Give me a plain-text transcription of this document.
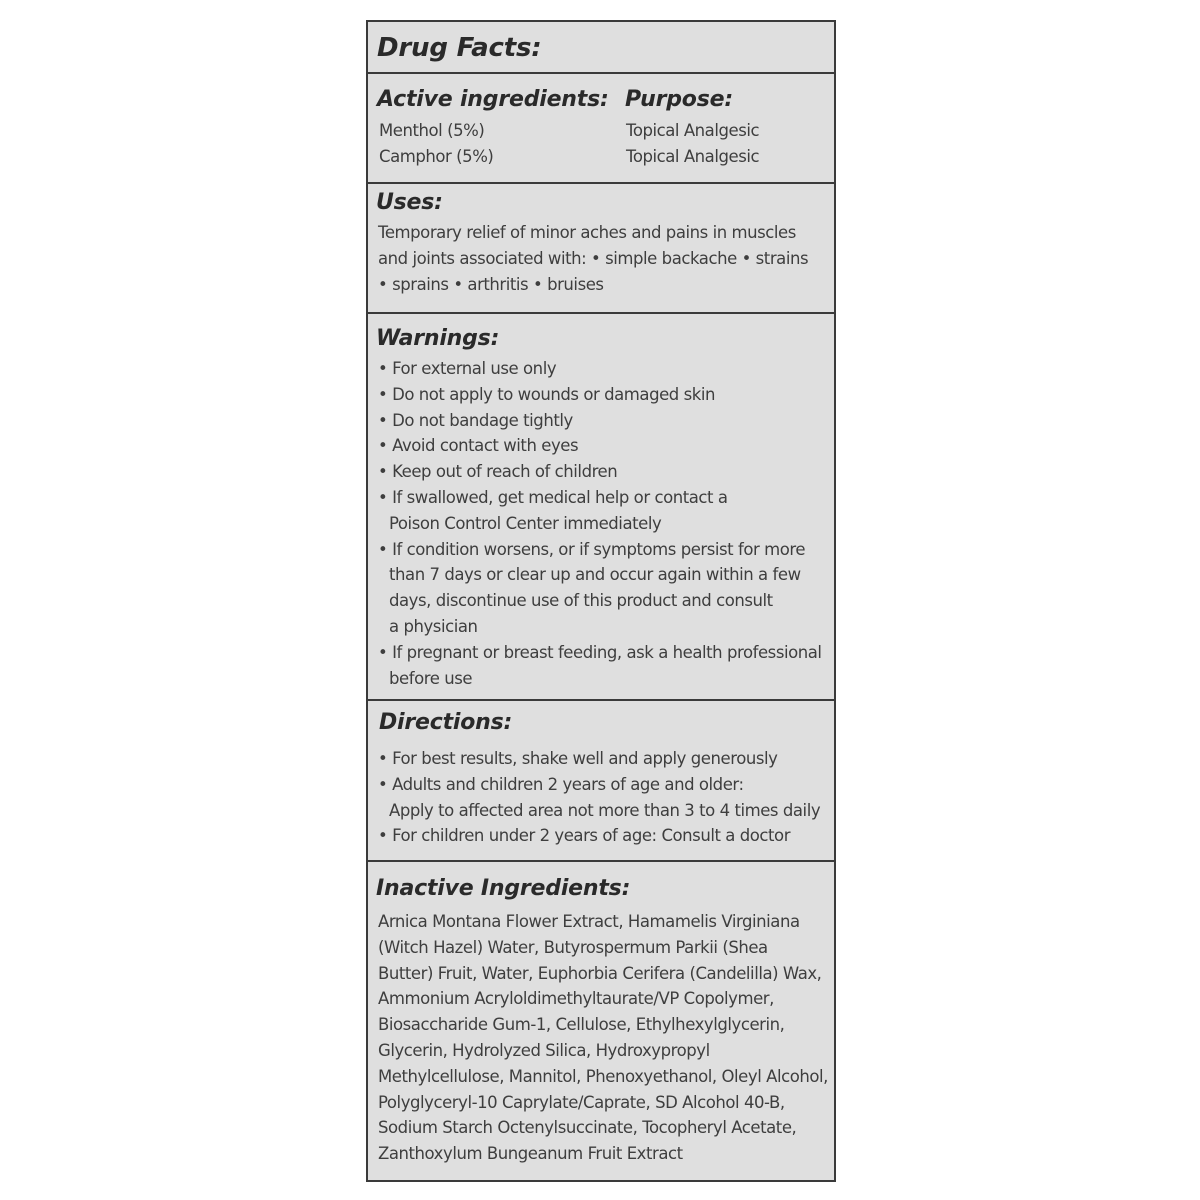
Drug Facts:
Active ingredients: Purpose:
Menthol (5%)
Camphor (5%)
Topical Analgesic
Topical Analgesic
Uses:
Temporary relief of minor aches and pains in muscles
and joints associated with: • simple backache • strains
• sprains • arthritis • bruises
Warnings:
• For external use only
• Do not apply to wounds or damaged skin
• Do not bandage tightly
• Avoid contact with eyes
• Keep out of reach of children
• If swallowed, get medical help or contact a
Poison Control Center immediately
• If condition worsens, or if symptoms persist for more
than 7 days or clear up and occur again within a few
days, discontinue use of this product and consult
a physician
• If pregnant or breast feeding, ask a health professional
before use
Directions:
• For best results, shake well and apply generously
• Adults and children 2 years of age and older:
Apply to affected area not more than 3 to 4 times daily
• For children under 2 years of age: Consult a doctor
Inactive Ingredients:
Arnica Montana Flower Extract, Hamamelis Virginiana
(Witch Hazel) Water, Butyrospermum Parkii (Shea
Butter) Fruit, Water, Euphorbia Cerifera (Candelilla) Wax,
Ammonium Acryloldimethyltaurate/VP Copolymer,
Biosaccharide Gum-1, Cellulose, Ethylhexylglycerin,
Glycerin, Hydrolyzed Silica, Hydroxypropyl
Methylcellulose, Mannitol, Phenoxyethanol, Oleyl Alcohol,
Polyglyceryl-10 Caprylate/Caprate, SD Alcohol 40-B,
Sodium Starch Octenylsuccinate, Tocopheryl Acetate,
Zanthoxylum Bungeanum Fruit Extract
